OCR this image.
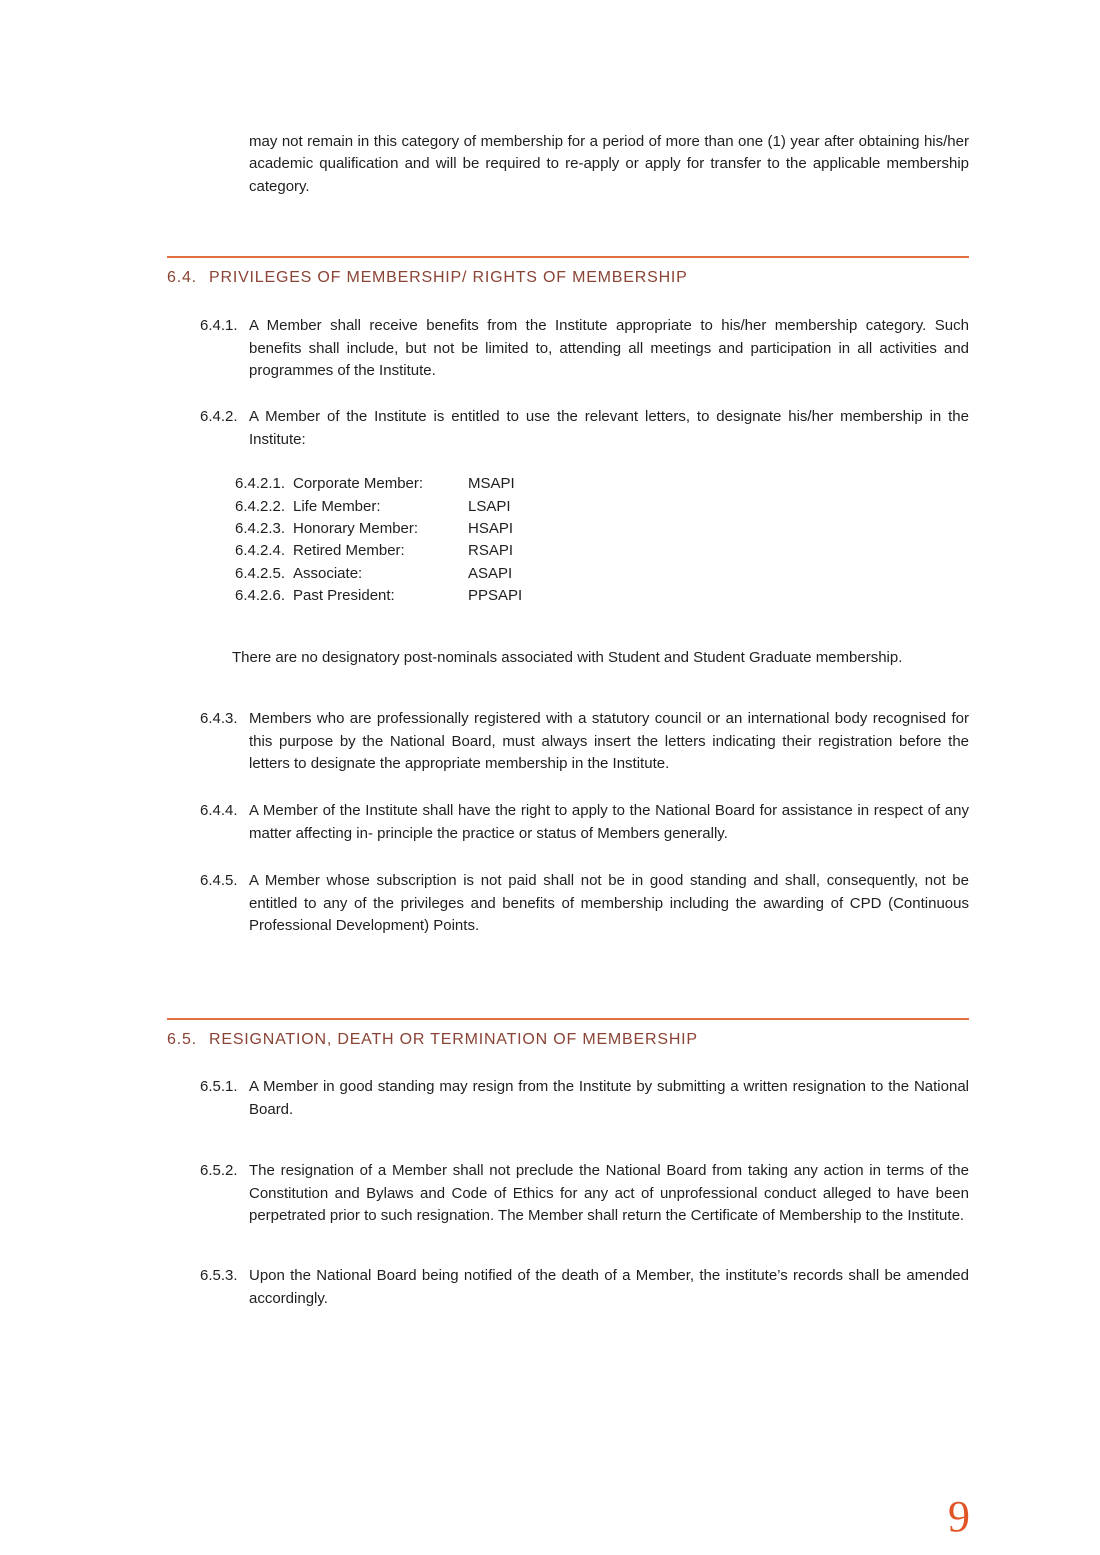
may not remain in this category of membership for a period of more than one (1) year after obtaining his/her academic qualification and will be required to re-apply or apply for transfer to the applicable membership category.

6.4. PRIVILEGES OF MEMBERSHIP/ RIGHTS OF MEMBERSHIP

6.4.1. A Member shall receive benefits from the Institute appropriate to his/her membership category. Such benefits shall include, but not be limited to, attending all meetings and participation in all activities and programmes of the Institute.

6.4.2. A Member of the Institute is entitled to use the relevant letters, to designate his/her membership in the Institute:

6.4.2.1. Corporate Member:	MSAPI
6.4.2.2. Life Member:	LSAPI
6.4.2.3. Honorary Member:	HSAPI
6.4.2.4. Retired Member:	RSAPI
6.4.2.5. Associate:	ASAPI
6.4.2.6. Past President:	PPSAPI

There are no designatory post-nominals associated with Student and Student Graduate membership.

6.4.3. Members who are professionally registered with a statutory council or an international body recognised for this purpose by the National Board, must always insert the letters indicating their registration before the letters to designate the appropriate membership in the Institute.

6.4.4. A Member of the Institute shall have the right to apply to the National Board for assistance in respect of any matter affecting in- principle the practice or status of Members generally.

6.4.5. A Member whose subscription is not paid shall not be in good standing and shall, consequently, not be entitled to any of the privileges and benefits of membership including the awarding of CPD (Continuous Professional Development) Points.

6.5. RESIGNATION, DEATH OR TERMINATION OF MEMBERSHIP

6.5.1. A Member in good standing may resign from the Institute by submitting a written resignation to the National Board.

6.5.2. The resignation of a Member shall not preclude the National Board from taking any action in terms of the Constitution and Bylaws and Code of Ethics for any act of unprofessional conduct alleged to have been perpetrated prior to such resignation. The Member shall return the Certificate of Membership to the Institute.

6.5.3. Upon the National Board being notified of the death of a Member, the institute’s records shall be amended accordingly.

9
